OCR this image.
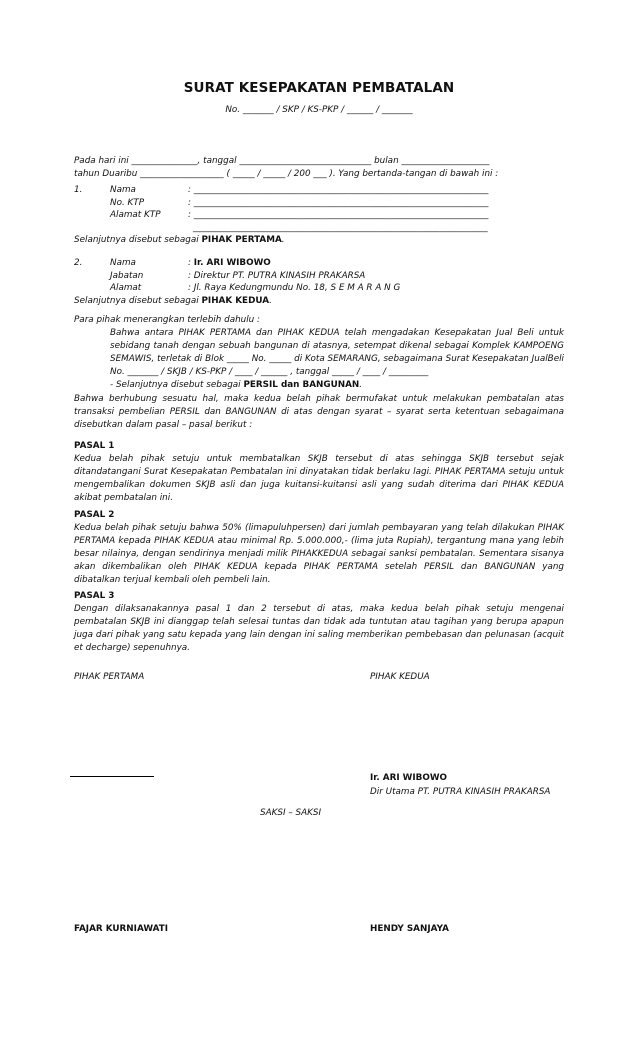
SURAT KESEPAKATAN PEMBATALAN
No. _______ / SKP / KS-PKP / ______ / _______
Pada hari ini _______________, tanggal ______________________________ bulan ____________________
tahun Duaribu ___________________ ( _____ / _____ / 200 ___ ). Yang bertanda-tangan di bawah ini :
1.	Nama	: ___________________________________________________________________
No. KTP	: ___________________________________________________________________
Alamat KTP	: ___________________________________________________________________
___________________________________________________________________
Selanjutnya disebut sebagai PIHAK PERTAMA.
2.	Nama	: Ir. ARI WIBOWO
Jabatan	: Direktur PT. PUTRA KINASIH PRAKARSA
Alamat	: Jl. Raya Kedungmundu No. 18, S E M A R A N G
Selanjutnya disebut sebagai PIHAK KEDUA.
Para pihak menerangkan terlebih dahulu :
Bahwa antara PIHAK PERTAMA dan PIHAK KEDUA telah mengadakan Kesepakatan Jual Beli untuk sebidang tanah dengan sebuah bangunan di atasnya, setempat dikenal sebagai Komplek KAMPOENG SEMAWIS, terletak di Blok _____ No. _____ di Kota SEMARANG, sebagaimana Surat Kesepakatan JualBeli No. _______ / SKJB / KS-PKP / ____ / ______ , tanggal _____ / ____ / _________
- Selanjutnya disebut sebagai PERSIL dan BANGUNAN.
Bahwa berhubung sesuatu hal, maka kedua belah pihak bermufakat untuk melakukan pembatalan atas transaksi pembelian PERSIL dan BANGUNAN di atas dengan syarat – syarat serta ketentuan sebagaimana disebutkan dalam pasal – pasal berikut :
PASAL 1
Kedua belah pihak setuju untuk membatalkan SKJB tersebut di atas sehingga SKJB tersebut sejak ditandatangani Surat Kesepakatan Pembatalan ini dinyatakan tidak berlaku lagi. PIHAK PERTAMA setuju untuk mengembalikan dokumen SKJB asli dan juga kuitansi-kuitansi asli yang sudah diterima dari PIHAK KEDUA akibat pembatalan ini.
PASAL 2
Kedua belah pihak setuju bahwa 50% (limapuluhpersen) dari jumlah pembayaran yang telah dilakukan PIHAK PERTAMA kepada PIHAK KEDUA atau minimal Rp. 5.000.000,- (lima juta Rupiah), tergantung mana yang lebih besar nilainya, dengan sendirinya menjadi milik PIHAKKEDUA sebagai sanksi pembatalan. Sementara sisanya akan dikembalikan oleh PIHAK KEDUA kepada PIHAK PERTAMA setelah PERSIL dan BANGUNAN yang dibatalkan terjual kembali oleh pembeli lain.
PASAL 3
Dengan dilaksanakannya pasal 1 dan 2 tersebut di atas, maka kedua belah pihak setuju mengenai pembatalan SKJB ini dianggap telah selesai tuntas dan tidak ada tuntutan atau tagihan yang berupa apapun juga dari pihak yang satu kepada yang lain dengan ini saling memberikan pembebasan dan pelunasan (acquit et decharge) sepenuhnya.
PIHAK PERTAMA	PIHAK KEDUA
Ir. ARI WIBOWO
Dir Utama PT. PUTRA KINASIH PRAKARSA
SAKSI – SAKSI
FAJAR KURNIAWATI	HENDY SANJAYA
